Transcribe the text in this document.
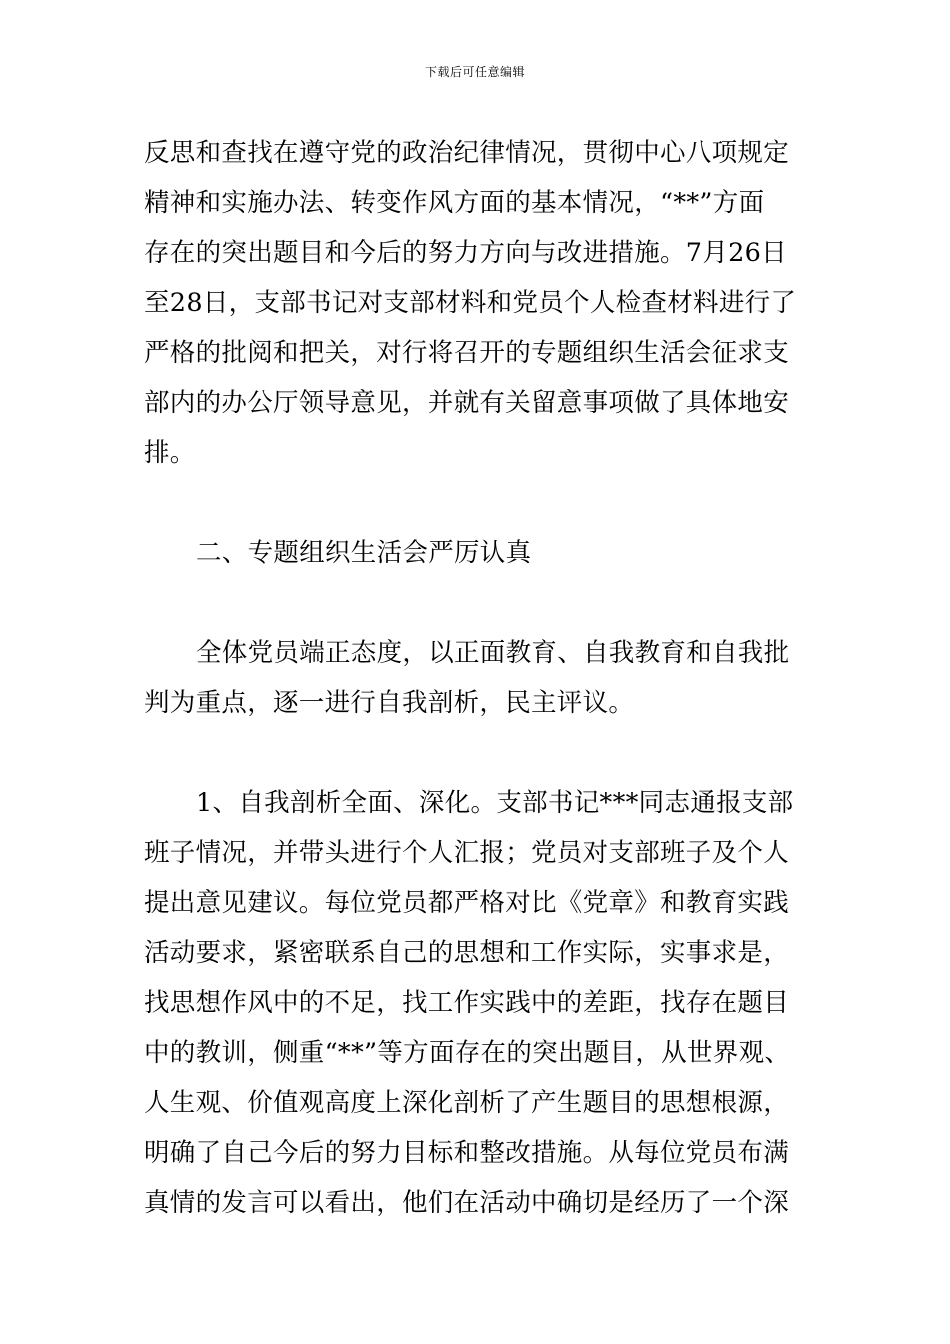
下载后可任意编辑
反思和查找在遵守党的政治纪律情况，贯彻中心八项规定
精神和实施办法、转变作风方面的基本情况，“**”方面
存在的突出题目和今后的努力方向与改进措施。7月26日
至28日，支部书记对支部材料和党员个人检查材料进行了
严格的批阅和把关，对行将召开的专题组织生活会征求支
部内的办公厅领导意见，并就有关留意事项做了具体地安
排。
二、专题组织生活会严厉认真
全体党员端正态度，以正面教育、自我教育和自我批
判为重点，逐一进行自我剖析，民主评议。
1、自我剖析全面、深化。支部书记***同志通报支部
班子情况，并带头进行个人汇报；党员对支部班子及个人
提出意见建议。每位党员都严格对比《党章》和教育实践
活动要求，紧密联系自己的思想和工作实际，实事求是，
找思想作风中的不足，找工作实践中的差距，找存在题目
中的教训，侧重“**”等方面存在的突出题目，从世界观、
人生观、价值观高度上深化剖析了产生题目的思想根源，
明确了自己今后的努力目标和整改措施。从每位党员布满
真情的发言可以看出，他们在活动中确切是经历了一个深
